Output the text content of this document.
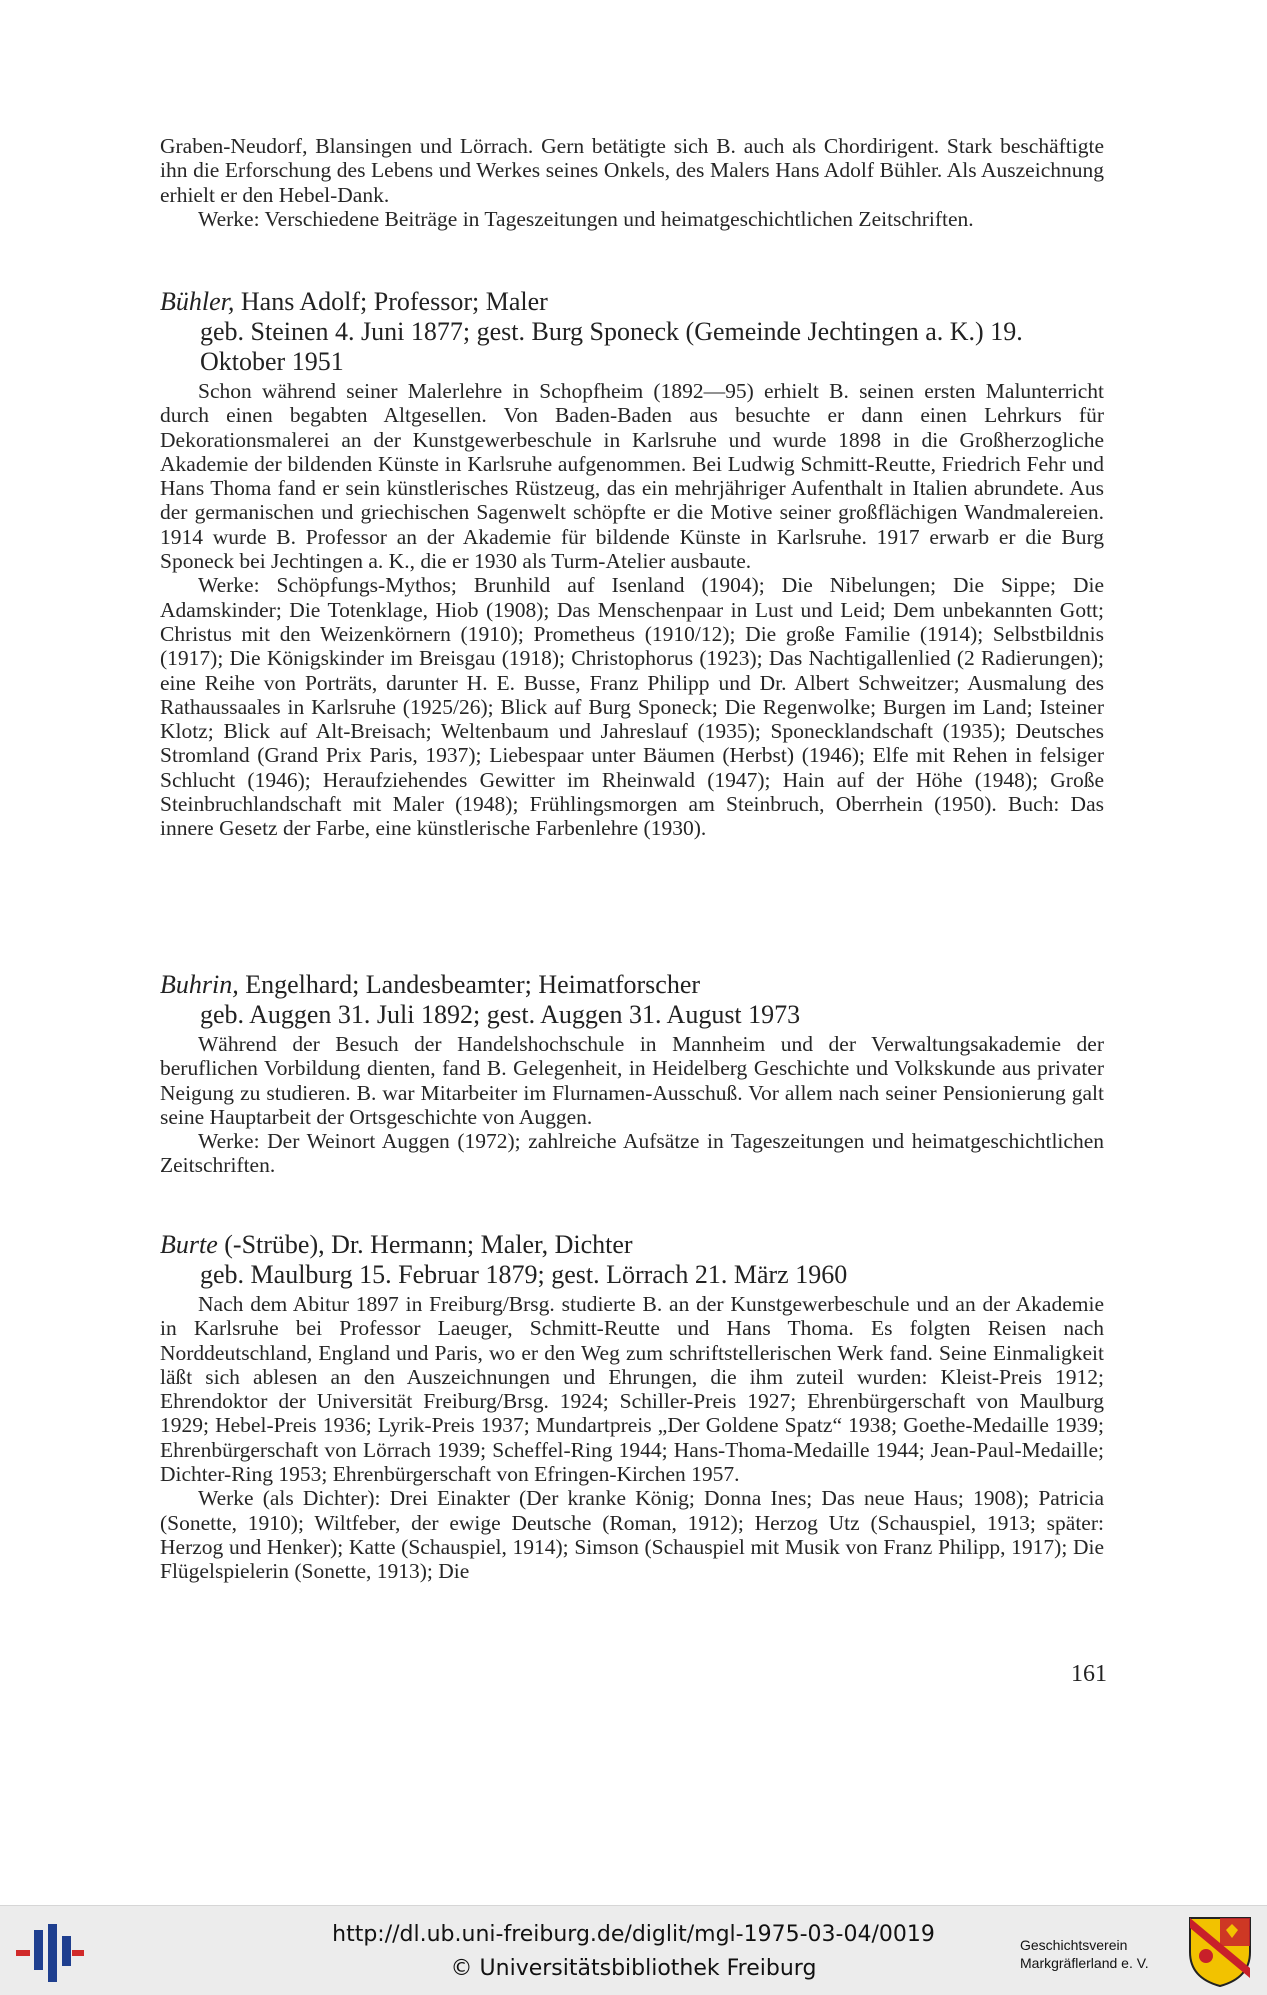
Graben-Neudorf, Blansingen und Lörrach. Gern betätigte sich B. auch als Chordirigent. Stark beschäftigte ihn die Erforschung des Lebens und Werkes seines Onkels, des Malers Hans Adolf Bühler. Als Auszeichnung erhielt er den Hebel-Dank.

Werke: Verschiedene Beiträge in Tageszeitungen und heimatgeschichtlichen Zeitschriften.

Bühler, Hans Adolf; Professor; Maler

geb. Steinen 4. Juni 1877; gest. Burg Sponeck (Gemeinde Jechtingen a. K.) 19. Oktober 1951

Schon während seiner Malerlehre in Schopfheim (1892—95) erhielt B. seinen ersten Malunterricht durch einen begabten Altgesellen. Von Baden-Baden aus besuchte er dann einen Lehrkurs für Dekorationsmalerei an der Kunstgewerbeschule in Karlsruhe und wurde 1898 in die Großherzogliche Akademie der bildenden Künste in Karlsruhe aufgenommen. Bei Ludwig Schmitt-Reutte, Friedrich Fehr und Hans Thoma fand er sein künstlerisches Rüstzeug, das ein mehrjähriger Aufenthalt in Italien abrundete. Aus der germanischen und griechischen Sagenwelt schöpfte er die Motive seiner großflächigen Wandmalereien. 1914 wurde B. Professor an der Akademie für bildende Künste in Karlsruhe. 1917 erwarb er die Burg Sponeck bei Jechtingen a. K., die er 1930 als Turm-Atelier ausbaute.

Werke: Schöpfungs-Mythos; Brunhild auf Isenland (1904); Die Nibelungen; Die Sippe; Die Adamskinder; Die Totenklage, Hiob (1908); Das Menschenpaar in Lust und Leid; Dem unbekannten Gott; Christus mit den Weizenkörnern (1910); Prometheus (1910/12); Die große Familie (1914); Selbstbildnis (1917); Die Königskinder im Breisgau (1918); Christophorus (1923); Das Nachtigallenlied (2 Radierungen); eine Reihe von Porträts, darunter H. E. Busse, Franz Philipp und Dr. Albert Schweitzer; Ausmalung des Rathaussaales in Karlsruhe (1925/26); Blick auf Burg Sponeck; Die Regenwolke; Burgen im Land; Isteiner Klotz; Blick auf Alt-Breisach; Weltenbaum und Jahreslauf (1935); Sponecklandschaft (1935); Deutsches Stromland (Grand Prix Paris, 1937); Liebespaar unter Bäumen (Herbst) (1946); Elfe mit Rehen in felsiger Schlucht (1946); Heraufziehendes Gewitter im Rheinwald (1947); Hain auf der Höhe (1948); Große Steinbruchlandschaft mit Maler (1948); Frühlingsmorgen am Steinbruch, Oberrhein (1950). Buch: Das innere Gesetz der Farbe, eine künstlerische Farbenlehre (1930).

Buhrin, Engelhard; Landesbeamter; Heimatforscher

geb. Auggen 31. Juli 1892; gest. Auggen 31. August 1973

Während der Besuch der Handelshochschule in Mannheim und der Verwaltungsakademie der beruflichen Vorbildung dienten, fand B. Gelegenheit, in Heidelberg Geschichte und Volkskunde aus privater Neigung zu studieren. B. war Mitarbeiter im Flurnamen-Ausschuß. Vor allem nach seiner Pensionierung galt seine Hauptarbeit der Ortsgeschichte von Auggen.

Werke: Der Weinort Auggen (1972); zahlreiche Aufsätze in Tageszeitungen und heimatgeschichtlichen Zeitschriften.

Burte (-Strübe), Dr. Hermann; Maler, Dichter

geb. Maulburg 15. Februar 1879; gest. Lörrach 21. März 1960

Nach dem Abitur 1897 in Freiburg/Brsg. studierte B. an der Kunstgewerbeschule und an der Akademie in Karlsruhe bei Professor Laeuger, Schmitt-Reutte und Hans Thoma. Es folgten Reisen nach Norddeutschland, England und Paris, wo er den Weg zum schriftstellerischen Werk fand. Seine Einmaligkeit läßt sich ablesen an den Auszeichnungen und Ehrungen, die ihm zuteil wurden: Kleist-Preis 1912; Ehrendoktor der Universität Freiburg/Brsg. 1924; Schiller-Preis 1927; Ehrenbürgerschaft von Maulburg 1929; Hebel-Preis 1936; Lyrik-Preis 1937; Mundartpreis „Der Goldene Spatz“ 1938; Goethe-Medaille 1939; Ehrenbürgerschaft von Lörrach 1939; Scheffel-Ring 1944; Hans-Thoma-Medaille 1944; Jean-Paul-Medaille; Dichter-Ring 1953; Ehrenbürgerschaft von Efringen-Kirchen 1957.

Werke (als Dichter): Drei Einakter (Der kranke König; Donna Ines; Das neue Haus; 1908); Patricia (Sonette, 1910); Wiltfeber, der ewige Deutsche (Roman, 1912); Herzog Utz (Schauspiel, 1913; später: Herzog und Henker); Katte (Schauspiel, 1914); Simson (Schauspiel mit Musik von Franz Philipp, 1917); Die Flügelspielerin (Sonette, 1913); Die

161
http://dl.ub.uni-freiburg.de/diglit/mgl-1975-03-04/0019
© Universitätsbibliothek Freiburg
Geschichtsverein
Markgräflerland e. V.
